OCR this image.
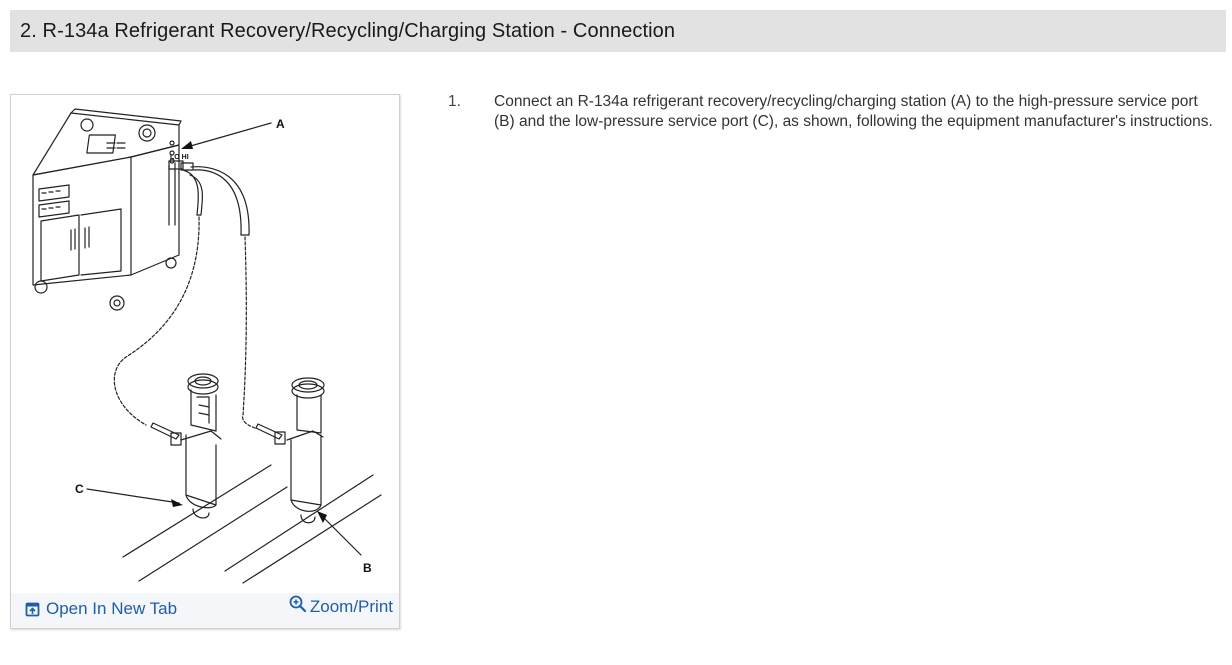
2. R-134a Refrigerant Recovery/Recycling/Charging Station - Connection
A
C
B
LO HI
Open In New Tab	Zoom/Print
1.	Connect an R-134a refrigerant recovery/recycling/charging station (A) to the high-pressure service port (B) and the low-pressure service port (C), as shown, following the equipment manufacturer's instructions.
